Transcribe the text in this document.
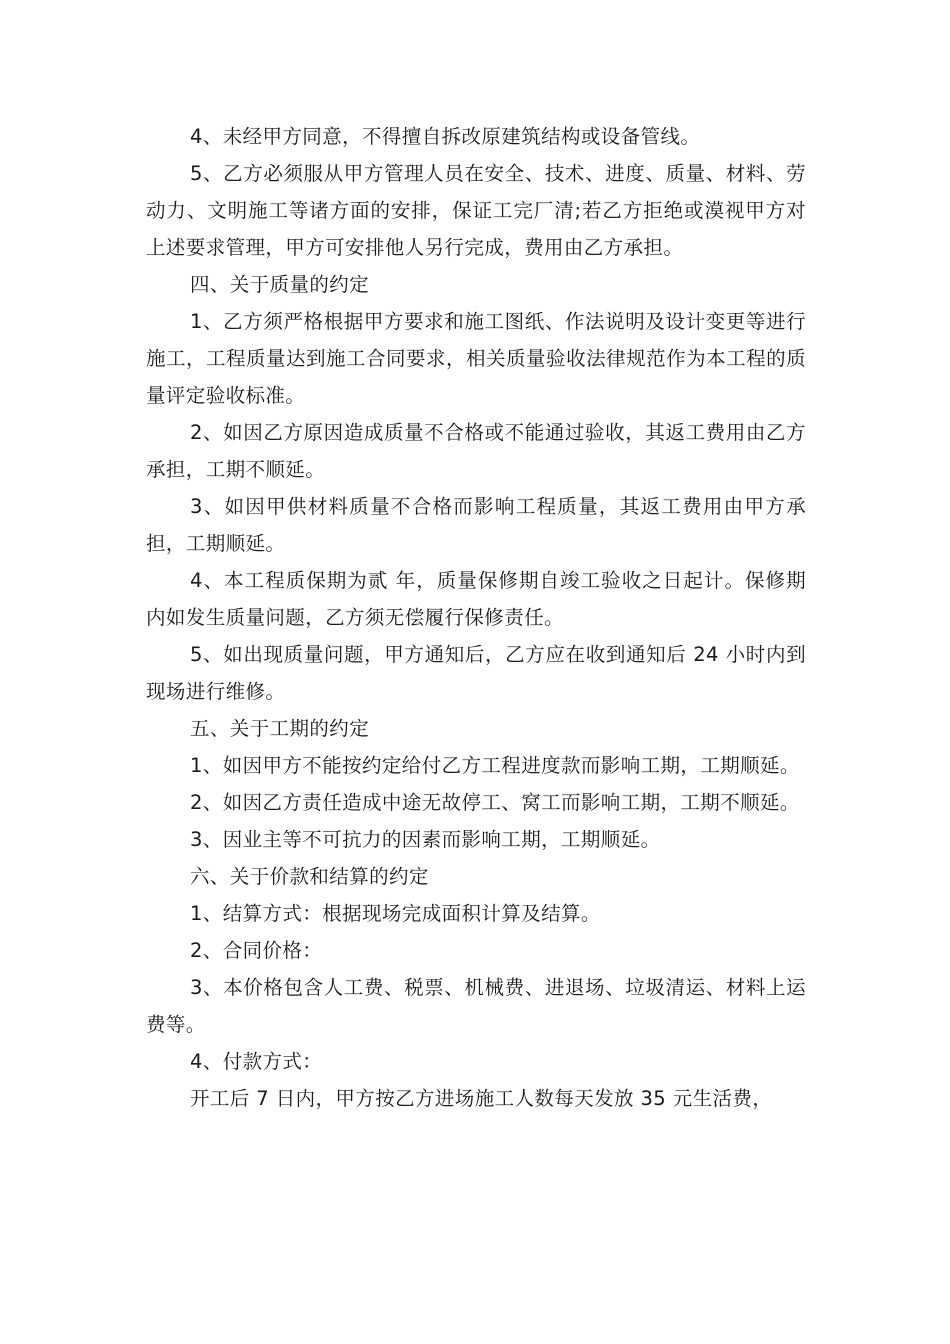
4、未经甲方同意，不得擅自拆改原建筑结构或设备管线。

5、乙方必须服从甲方管理人员在安全、技术、进度、质量、材料、劳动力、文明施工等诸方面的安排，保证工完厂清;若乙方拒绝或漠视甲方对上述要求管理，甲方可安排他人另行完成，费用由乙方承担。

四、关于质量的约定

1、乙方须严格根据甲方要求和施工图纸、作法说明及设计变更等进行施工，工程质量达到施工合同要求，相关质量验收法律规范作为本工程的质量评定验收标准。

2、如因乙方原因造成质量不合格或不能通过验收，其返工费用由乙方承担，工期不顺延。

3、如因甲供材料质量不合格而影响工程质量，其返工费用由甲方承担，工期顺延。

4、本工程质保期为贰 年，质量保修期自竣工验收之日起计。保修期内如发生质量问题，乙方须无偿履行保修责任。

5、如出现质量问题，甲方通知后，乙方应在收到通知后 24 小时内到现场进行维修。

五、关于工期的约定

1、如因甲方不能按约定给付乙方工程进度款而影响工期，工期顺延。

2、如因乙方责任造成中途无故停工、窝工而影响工期，工期不顺延。

3、因业主等不可抗力的因素而影响工期，工期顺延。

六、关于价款和结算的约定

1、结算方式：根据现场完成面积计算及结算。

2、合同价格：

3、本价格包含人工费、税票、机械费、进退场、垃圾清运、材料上运费等。

4、付款方式：

开工后 7 日内，甲方按乙方进场施工人数每天发放 35 元生活费，
